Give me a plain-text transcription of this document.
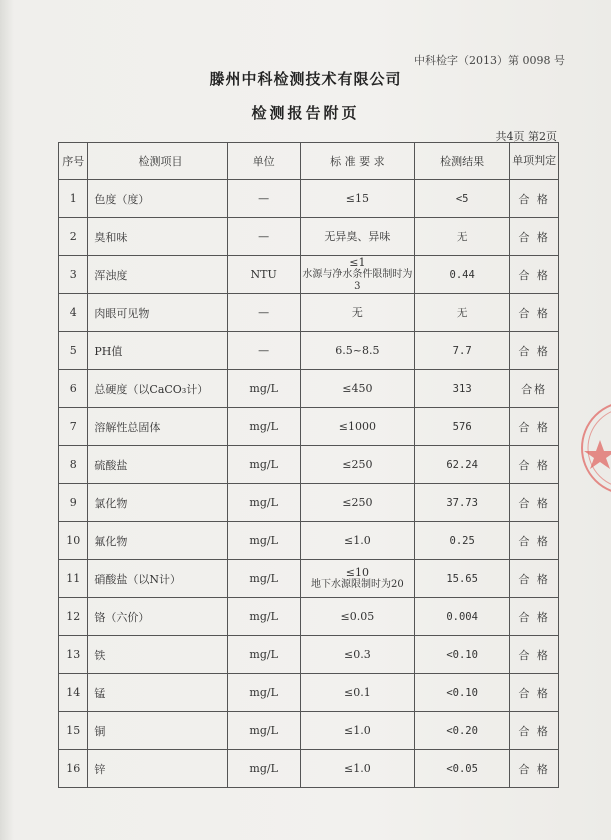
中科检字（2013）第 0098 号
滕州中科检测技术有限公司
检测报告附页
共4页 第2页
序号	检测项目	单位	标 准 要 求	检测结果	单项判定
1	色度（度）	—	≤15	<5	合 格
2	臭和味	—	无异臭、异味	无	合 格
3	浑浊度	NTU	≤1
水源与净水条件限制时为3	0.44	合 格
4	肉眼可见物	—	无	无	合 格
5	PH值	—	6.5~8.5	7.7	合 格
6	总硬度（以CaCO₃计）	mg/L	≤450	313	合格
7	溶解性总固体	mg/L	≤1000	576	合 格
8	硫酸盐	mg/L	≤250	62.24	合 格
9	氯化物	mg/L	≤250	37.73	合 格
10	氟化物	mg/L	≤1.0	0.25	合 格
11	硝酸盐（以N计）	mg/L	≤10
地下水源限制时为20	15.65	合 格
12	铬（六价）	mg/L	≤0.05	0.004	合 格
13	铁	mg/L	≤0.3	<0.10	合 格
14	锰	mg/L	≤0.1	<0.10	合 格
15	铜	mg/L	≤1.0	<0.20	合 格
16	锌	mg/L	≤1.0	<0.05	合 格
